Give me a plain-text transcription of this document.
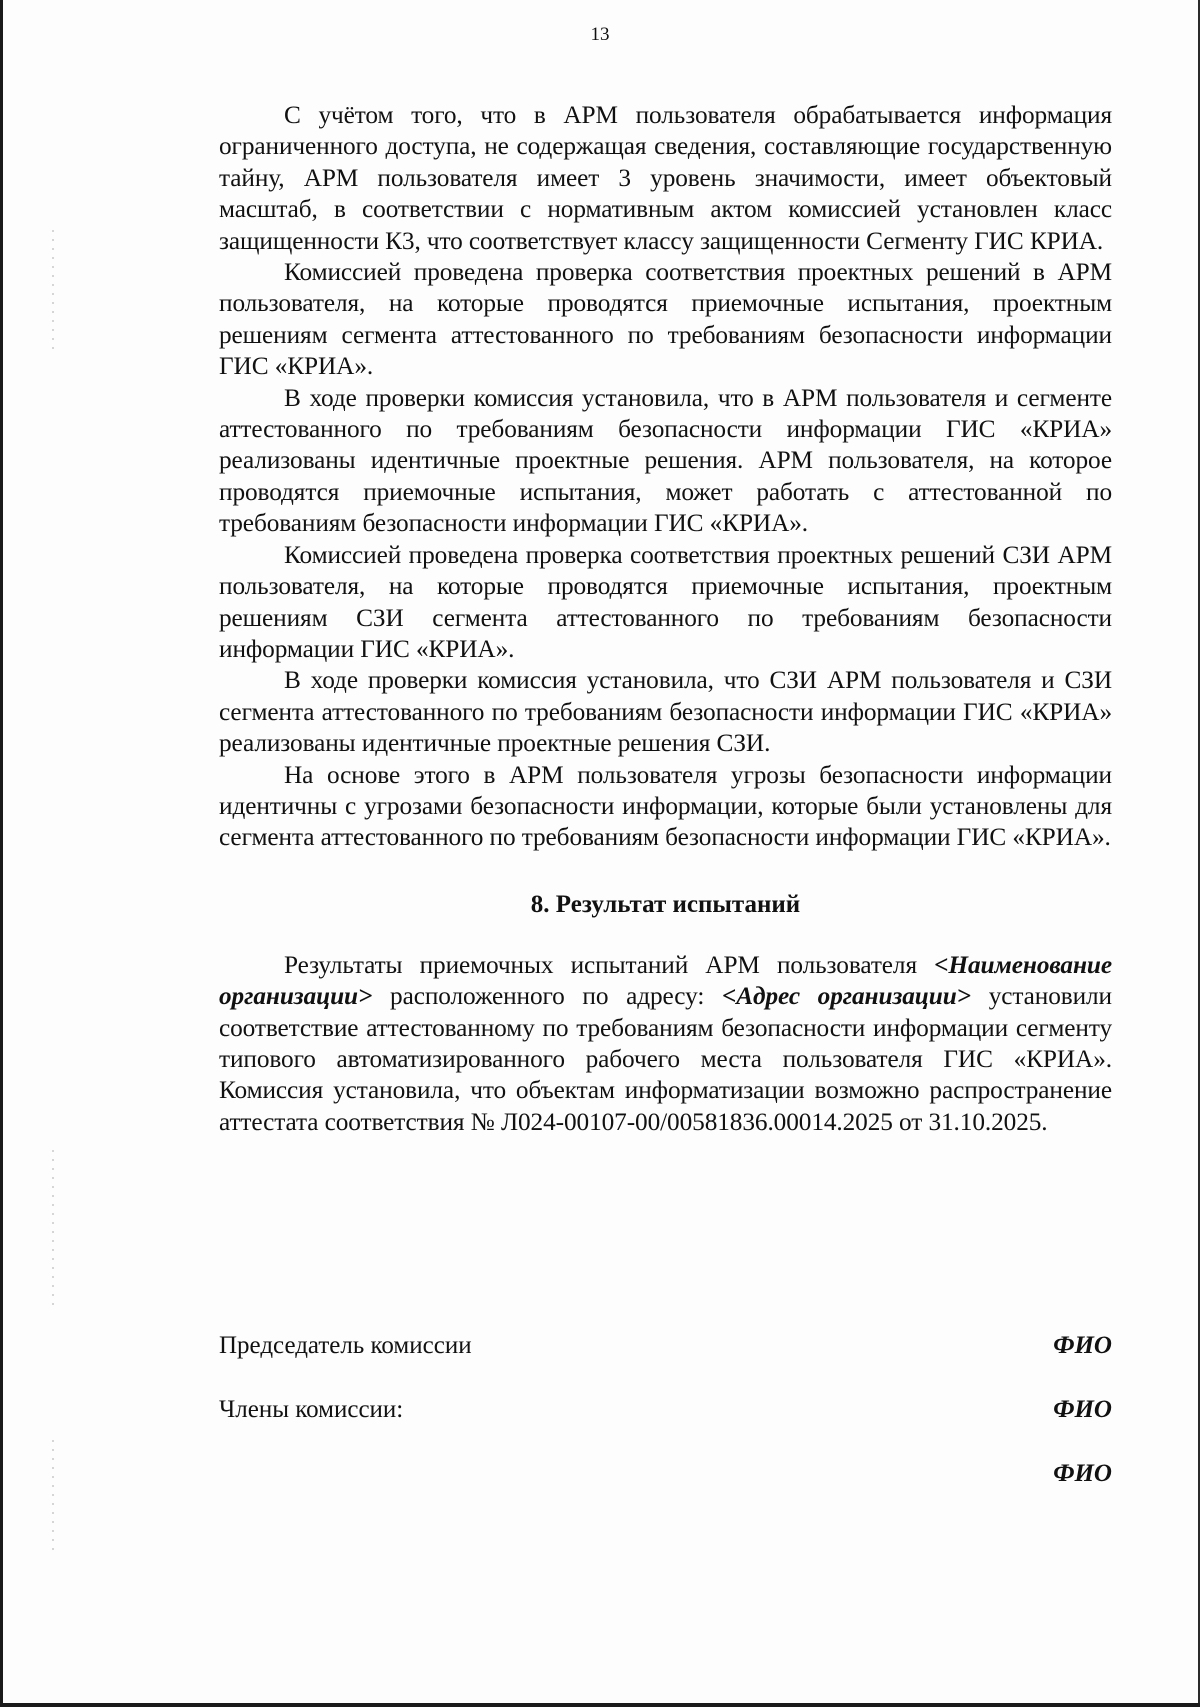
13

С учётом того, что в АРМ пользователя обрабатывается информация ограниченного доступа, не содержащая сведения, составляющие государственную тайну, АРМ пользователя имеет 3 уровень значимости, имеет объектовый масштаб, в соответствии с нормативным актом комиссией установлен класс защищенности К3, что соответствует классу защищенности Сегменту ГИС КРИА.

Комиссией проведена проверка соответствия проектных решений в АРМ пользователя, на которые проводятся приемочные испытания, проектным решениям сегмента аттестованного по требованиям безопасности информации ГИС «КРИА».

В ходе проверки комиссия установила, что в АРМ пользователя и сегменте аттестованного по требованиям безопасности информации ГИС «КРИА» реализованы идентичные проектные решения. АРМ пользователя, на которое проводятся приемочные испытания, может работать с аттестованной по требованиям безопасности информации ГИС «КРИА».

Комиссией проведена проверка соответствия проектных решений СЗИ АРМ пользователя, на которые проводятся приемочные испытания, проектным решениям СЗИ сегмента аттестованного по требованиям безопасности информации ГИС «КРИА».

В ходе проверки комиссия установила, что СЗИ АРМ пользователя и СЗИ сегмента аттестованного по требованиям безопасности информации ГИС «КРИА» реализованы идентичные проектные решения СЗИ.

На основе этого в АРМ пользователя угрозы безопасности информации идентичны с угрозами безопасности информации, которые были установлены для сегмента аттестованного по требованиям безопасности информации ГИС «КРИА».

8. Результат испытаний

Результаты приемочных испытаний АРМ пользователя <Наименование организации> расположенного по адресу: <Адрес организации> установили соответствие аттестованному по требованиям безопасности информации сегменту типового автоматизированного рабочего места пользователя ГИС «КРИА». Комиссия установила, что объектам информатизации возможно распространение аттестата соответствия № Л024-00107-00/00581836.00014.2025 от 31.10.2025.

Председатель комиссии	ФИО
Члены комиссии:	ФИО
ФИО
